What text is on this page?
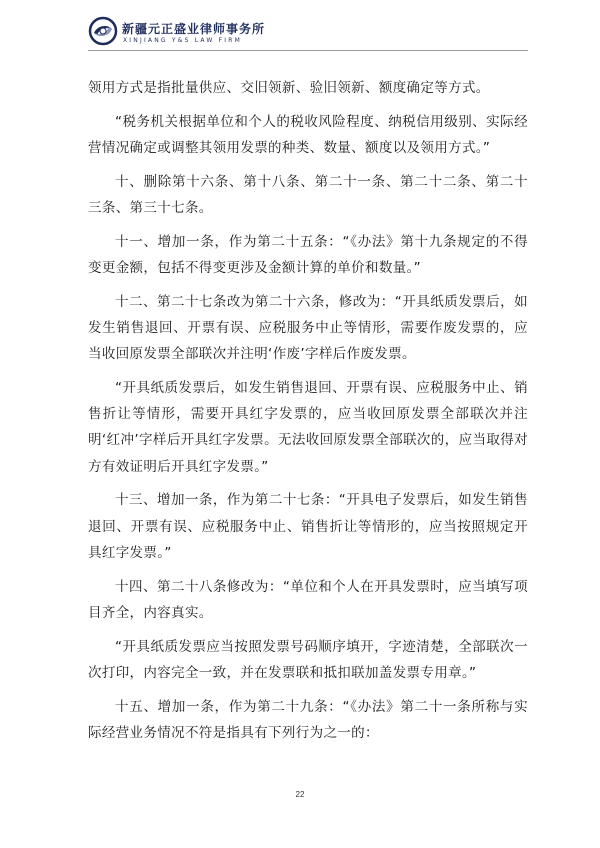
新疆元正盛业律师事务所
XINJIANG Y&S LAW FIRM

领用方式是指批量供应、交旧领新、验旧领新、额度确定等方式。

“税务机关根据单位和个人的税收风险程度、纳税信用级别、实际经营情况确定或调整其领用发票的种类、数量、额度以及领用方式。”

十、删除第十六条、第十八条、第二十一条、第二十二条、第二十三条、第三十七条。

十一、增加一条，作为第二十五条：“《办法》第十九条规定的不得变更金额，包括不得变更涉及金额计算的单价和数量。”

十二、第二十七条改为第二十六条，修改为：“开具纸质发票后，如发生销售退回、开票有误、应税服务中止等情形，需要作废发票的，应当收回原发票全部联次并注明‘作废’字样后作废发票。

“开具纸质发票后，如发生销售退回、开票有误、应税服务中止、销售折让等情形，需要开具红字发票的，应当收回原发票全部联次并注明‘红冲’字样后开具红字发票。无法收回原发票全部联次的，应当取得对方有效证明后开具红字发票。”

十三、增加一条，作为第二十七条：“开具电子发票后，如发生销售退回、开票有误、应税服务中止、销售折让等情形的，应当按照规定开具红字发票。”

十四、第二十八条修改为：“单位和个人在开具发票时，应当填写项目齐全，内容真实。

“开具纸质发票应当按照发票号码顺序填开，字迹清楚，全部联次一次打印，内容完全一致，并在发票联和抵扣联加盖发票专用章。”

十五、增加一条，作为第二十九条：“《办法》第二十一条所称与实际经营业务情况不符是指具有下列行为之一的：

22
